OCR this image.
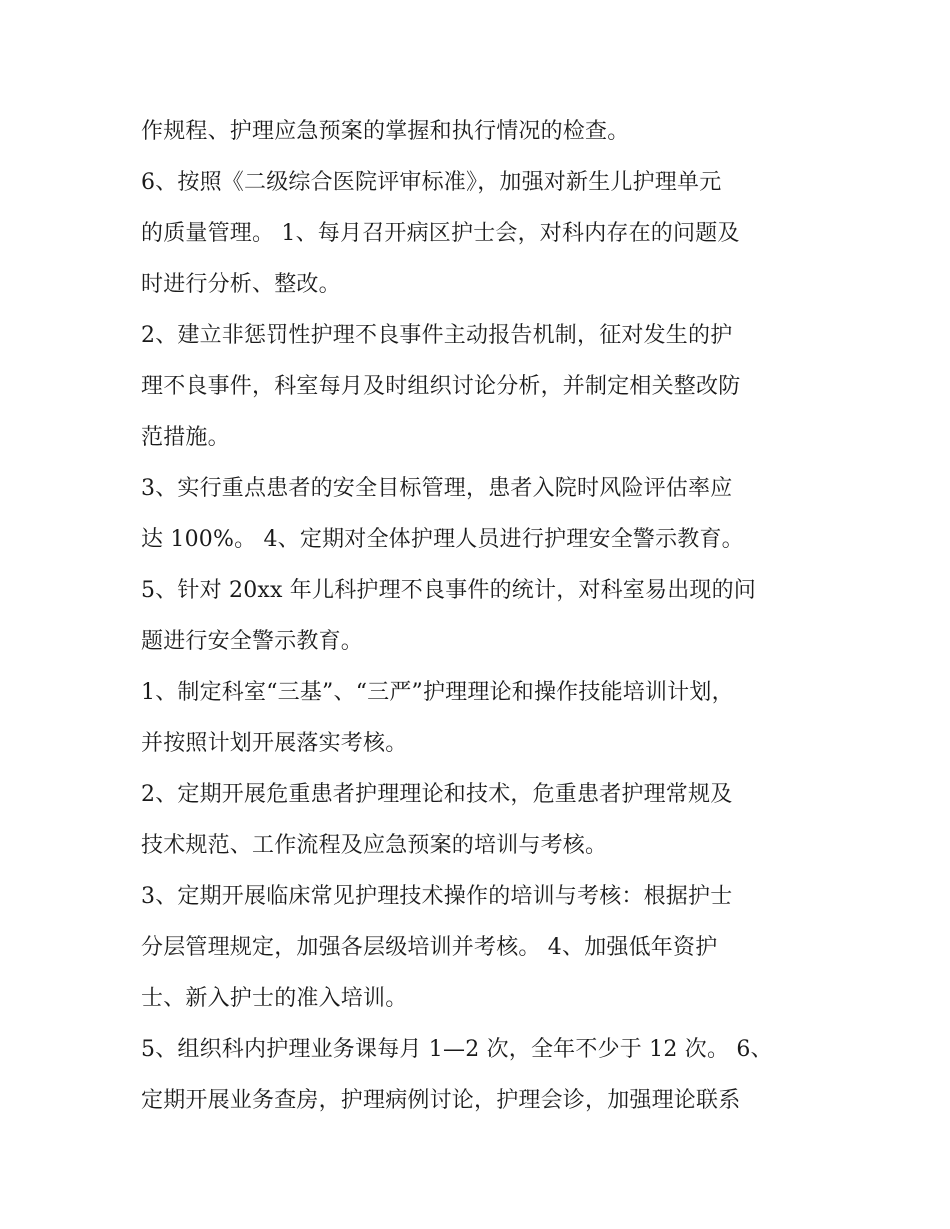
作规程、护理应急预案的掌握和执行情况的检查。
6、按照《二级综合医院评审标准》，加强对新生儿护理单元
的质量管理。 1、每月召开病区护士会，对科内存在的问题及
时进行分析、整改。
2、建立非惩罚性护理不良事件主动报告机制，征对发生的护
理不良事件，科室每月及时组织讨论分析，并制定相关整改防
范措施。
3、实行重点患者的安全目标管理，患者入院时风险评估率应
达 100%。 4、定期对全体护理人员进行护理安全警示教育。
5、针对 20xx 年儿科护理不良事件的统计，对科室易出现的问
题进行安全警示教育。
1、制定科室“三基”、“三严”护理理论和操作技能培训计划，
并按照计划开展落实考核。
2、定期开展危重患者护理理论和技术，危重患者护理常规及
技术规范、工作流程及应急预案的培训与考核。
3、定期开展临床常见护理技术操作的培训与考核：根据护士
分层管理规定，加强各层级培训并考核。 4、加强低年资护
士、新入护士的准入培训。
5、组织科内护理业务课每月 1—2 次，全年不少于 12 次。 6、
定期开展业务查房，护理病例讨论，护理会诊，加强理论联系
